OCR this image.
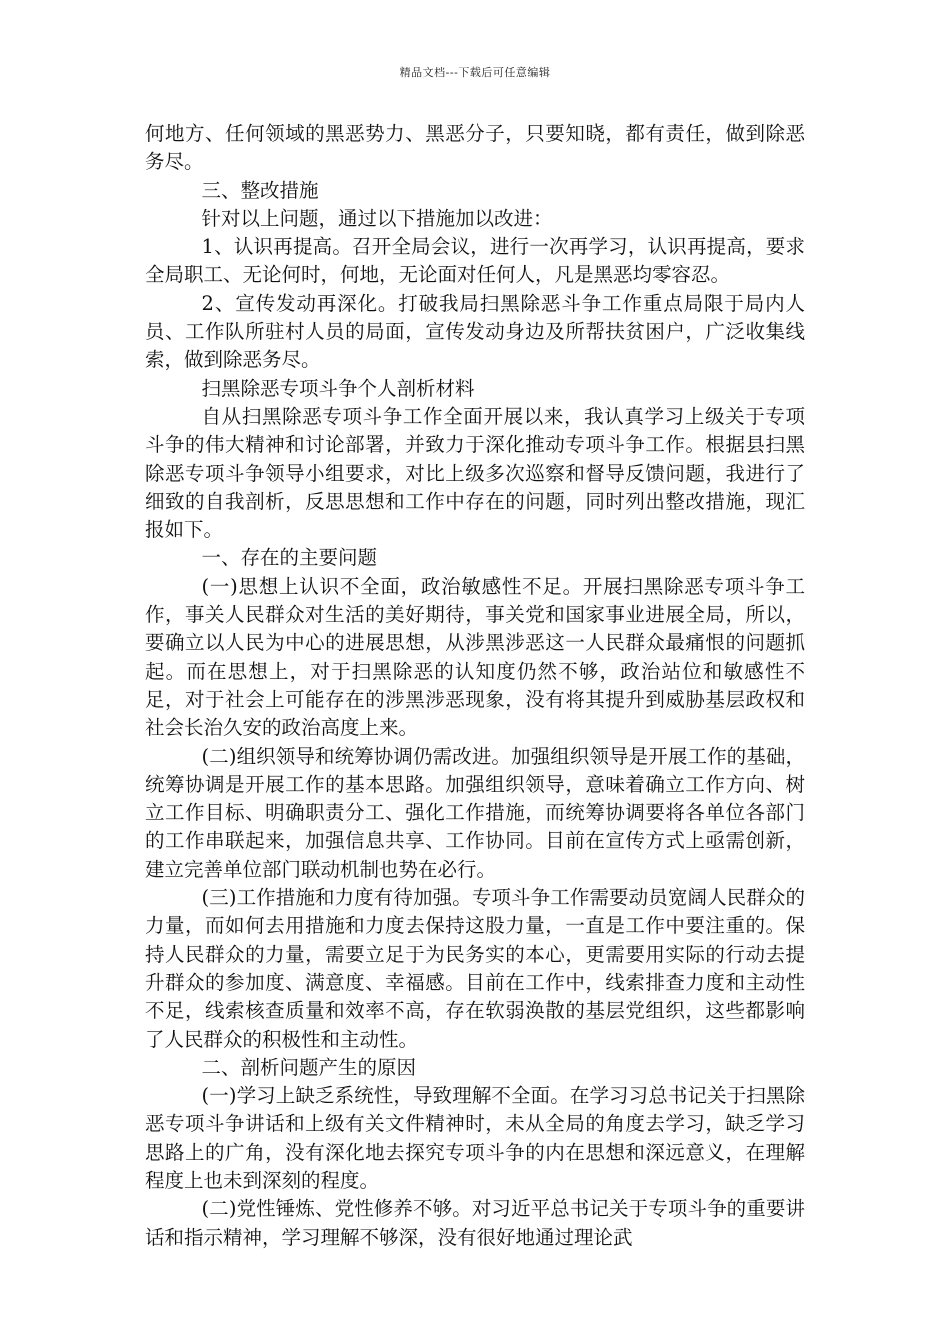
精品文档---下载后可任意编辑

何地方、任何领域的黑恶势力、黑恶分子，只要知晓，都有责任，做到除恶务尽。

三、整改措施

针对以上问题，通过以下措施加以改进：

1、认识再提高。召开全局会议，进行一次再学习，认识再提高，要求全局职工、无论何时，何地，无论面对任何人，凡是黑恶均零容忍。

2、宣传发动再深化。打破我局扫黑除恶斗争工作重点局限于局内人员、工作队所驻村人员的局面，宣传发动身边及所帮扶贫困户，广泛收集线索，做到除恶务尽。

扫黑除恶专项斗争个人剖析材料

自从扫黑除恶专项斗争工作全面开展以来，我认真学习上级关于专项斗争的伟大精神和讨论部署，并致力于深化推动专项斗争工作。根据县扫黑除恶专项斗争领导小组要求，对比上级多次巡察和督导反馈问题，我进行了细致的自我剖析，反思思想和工作中存在的问题，同时列出整改措施，现汇报如下。

一、存在的主要问题

(一)思想上认识不全面，政治敏感性不足。开展扫黑除恶专项斗争工作，事关人民群众对生活的美好期待，事关党和国家事业进展全局，所以，要确立以人民为中心的进展思想，从涉黑涉恶这一人民群众最痛恨的问题抓起。而在思想上，对于扫黑除恶的认知度仍然不够，政治站位和敏感性不足，对于社会上可能存在的涉黑涉恶现象，没有将其提升到威胁基层政权和社会长治久安的政治高度上来。

(二)组织领导和统筹协调仍需改进。加强组织领导是开展工作的基础，统筹协调是开展工作的基本思路。加强组织领导，意味着确立工作方向、树立工作目标、明确职责分工、强化工作措施，而统筹协调要将各单位各部门的工作串联起来，加强信息共享、工作协同。目前在宣传方式上亟需创新，建立完善单位部门联动机制也势在必行。

(三)工作措施和力度有待加强。专项斗争工作需要动员宽阔人民群众的力量，而如何去用措施和力度去保持这股力量，一直是工作中要注重的。保持人民群众的力量，需要立足于为民务实的本心，更需要用实际的行动去提升群众的参加度、满意度、幸福感。目前在工作中，线索排查力度和主动性不足，线索核查质量和效率不高，存在软弱涣散的基层党组织，这些都影响了人民群众的积极性和主动性。

二、剖析问题产生的原因

(一)学习上缺乏系统性，导致理解不全面。在学习习总书记关于扫黑除恶专项斗争讲话和上级有关文件精神时，未从全局的角度去学习，缺乏学习思路上的广角，没有深化地去探究专项斗争的内在思想和深远意义，在理解程度上也未到深刻的程度。

(二)党性锤炼、党性修养不够。对习近平总书记关于专项斗争的重要讲话和指示精神，学习理解不够深，没有很好地通过理论武
